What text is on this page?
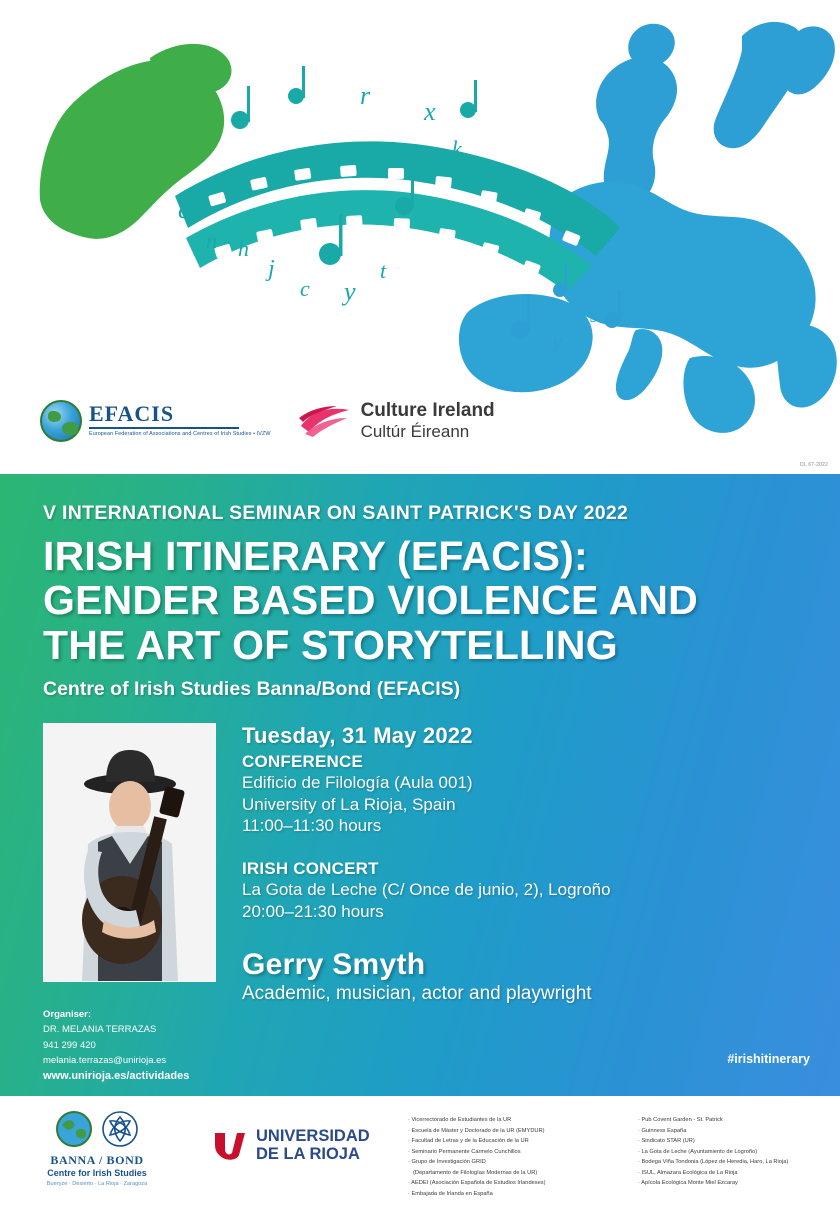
e
n h
j
c y
t
x
k
r
u
y
s
EFACIS
European Federation of Associations and Centres of Irish Studies • IVZW
Culture Ireland
Cultúr Éireann
DL 67-2022
V INTERNATIONAL SEMINAR ON SAINT PATRICK'S DAY 2022
IRISH ITINERARY (EFACIS):
GENDER BASED VIOLENCE AND
THE ART OF STORYTELLING
Centre of Irish Studies Banna/Bond (EFACIS)
Tuesday, 31 May 2022
CONFERENCE
Edificio de Filología (Aula 001)
University of La Rioja, Spain
11:00–11:30 hours
IRISH CONCERT
La Gota de Leche (C/ Once de junio, 2), Logroño
20:00–21:30 hours
Gerry Smyth
Academic, musician, actor and playwright
Organiser:
DR. MELANIA TERRAZAS
941 299 420
melania.terrazas@unirioja.es
www.unirioja.es/actividades
#irishitinerary
BANNA / BOND
Centre for Irish Studies
Bueryze · Desierto · La Rioja · Zaragoza
UNIVERSIDAD
DE LA RIOJA
· Vicerrectorado de Estudiantes de la UR
· Escuela de Máster y Doctorado de la UR (EMYDUR)
· Facultad de Letras y de la Educación de la UR
· Seminario Permanente Carmelo Cunchillos
· Grupo de Investigación GRID
(Departamento de Filologías Modernas de la UR)
· AEDEI (Asociación Española de Estudios Irlandeses)
· Embajada de Irlanda en España
· Pub Covent Garden - St. Patrick
· Guinness España
· Sindicato STAR (UR)
· La Gota de Leche (Ayuntamiento de Logroño)
· Bodega Viña Tondonia (López de Heredia, Haro, La Rioja)
· ISUL, Almazara Ecológica de La Rioja
· Apícola Ecológica Monte Miel Ezcaray
